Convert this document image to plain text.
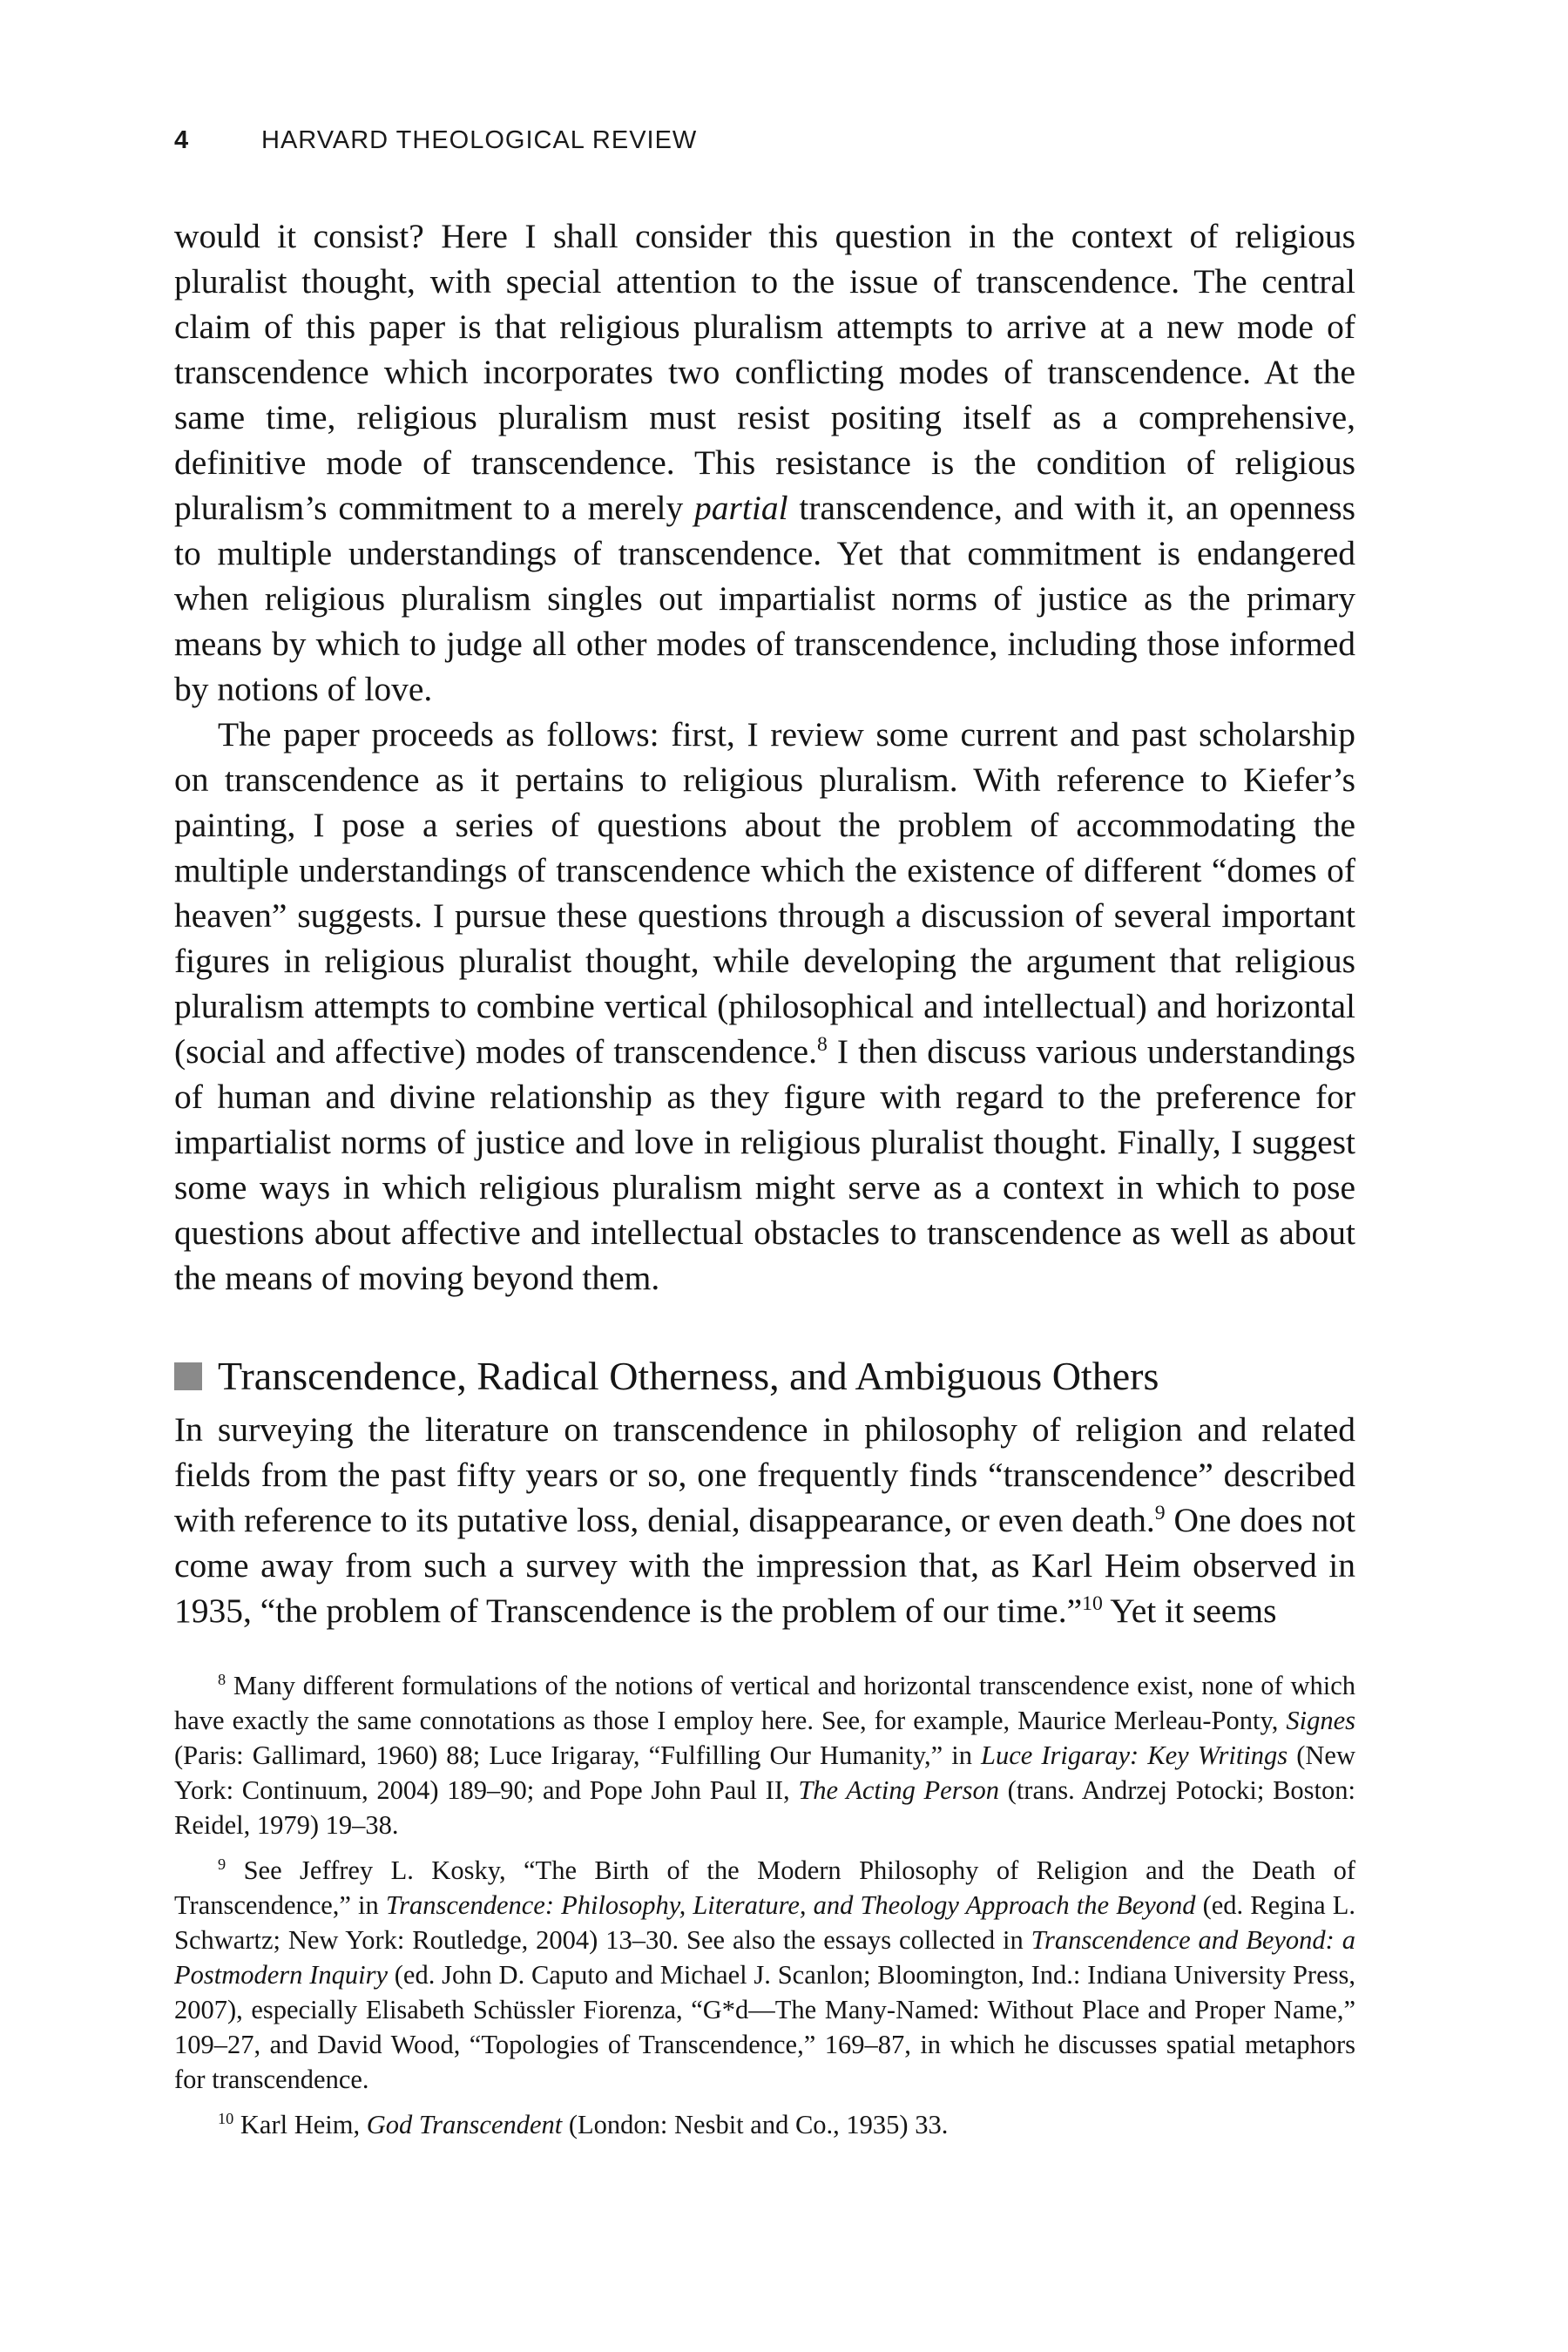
4	HARVARD THEOLOGICAL REVIEW

would it consist? Here I shall consider this question in the context of religious pluralist thought, with special attention to the issue of transcendence. The central claim of this paper is that religious pluralism attempts to arrive at a new mode of transcendence which incorporates two conflicting modes of transcendence. At the same time, religious pluralism must resist positing itself as a comprehensive, definitive mode of transcendence. This resistance is the condition of religious pluralism’s commitment to a merely partial transcendence, and with it, an openness to multiple understandings of transcendence. Yet that commitment is endangered when religious pluralism singles out impartialist norms of justice as the primary means by which to judge all other modes of transcendence, including those informed by notions of love.

The paper proceeds as follows: first, I review some current and past scholarship on transcendence as it pertains to religious pluralism. With reference to Kiefer’s painting, I pose a series of questions about the problem of accommodating the multiple understandings of transcendence which the existence of different “domes of heaven” suggests. I pursue these questions through a discussion of several important figures in religious pluralist thought, while developing the argument that religious pluralism attempts to combine vertical (philosophical and intellectual) and horizontal (social and affective) modes of transcendence.$^8$ I then discuss various understandings of human and divine relationship as they figure with regard to the preference for impartialist norms of justice and love in religious pluralist thought. Finally, I suggest some ways in which religious pluralism might serve as a context in which to pose questions about affective and intellectual obstacles to transcendence as well as about the means of moving beyond them.

Transcendence, Radical Otherness, and Ambiguous Others

In surveying the literature on transcendence in philosophy of religion and related fields from the past fifty years or so, one frequently finds “transcendence” described with reference to its putative loss, denial, disappearance, or even death.$^9$ One does not come away from such a survey with the impression that, as Karl Heim observed in 1935, “the problem of Transcendence is the problem of our time.”$^{10}$ Yet it seems

$^8$ Many different formulations of the notions of vertical and horizontal transcendence exist, none of which have exactly the same connotations as those I employ here. See, for example, Maurice Merleau-Ponty, Signes (Paris: Gallimard, 1960) 88; Luce Irigaray, “Fulfilling Our Humanity,” in Luce Irigaray: Key Writings (New York: Continuum, 2004) 189–90; and Pope John Paul II, The Acting Person (trans. Andrzej Potocki; Boston: Reidel, 1979) 19–38.

$^9$ See Jeffrey L. Kosky, “The Birth of the Modern Philosophy of Religion and the Death of Transcendence,” in Transcendence: Philosophy, Literature, and Theology Approach the Beyond (ed. Regina L. Schwartz; New York: Routledge, 2004) 13–30. See also the essays collected in Transcendence and Beyond: a Postmodern Inquiry (ed. John D. Caputo and Michael J. Scanlon; Bloomington, Ind.: Indiana University Press, 2007), especially Elisabeth Schüssler Fiorenza, “G*d—The Many-Named: Without Place and Proper Name,” 109–27, and David Wood, “Topologies of Transcendence,” 169–87, in which he discusses spatial metaphors for transcendence.

$^{10}$ Karl Heim, God Transcendent (London: Nesbit and Co., 1935) 33.
